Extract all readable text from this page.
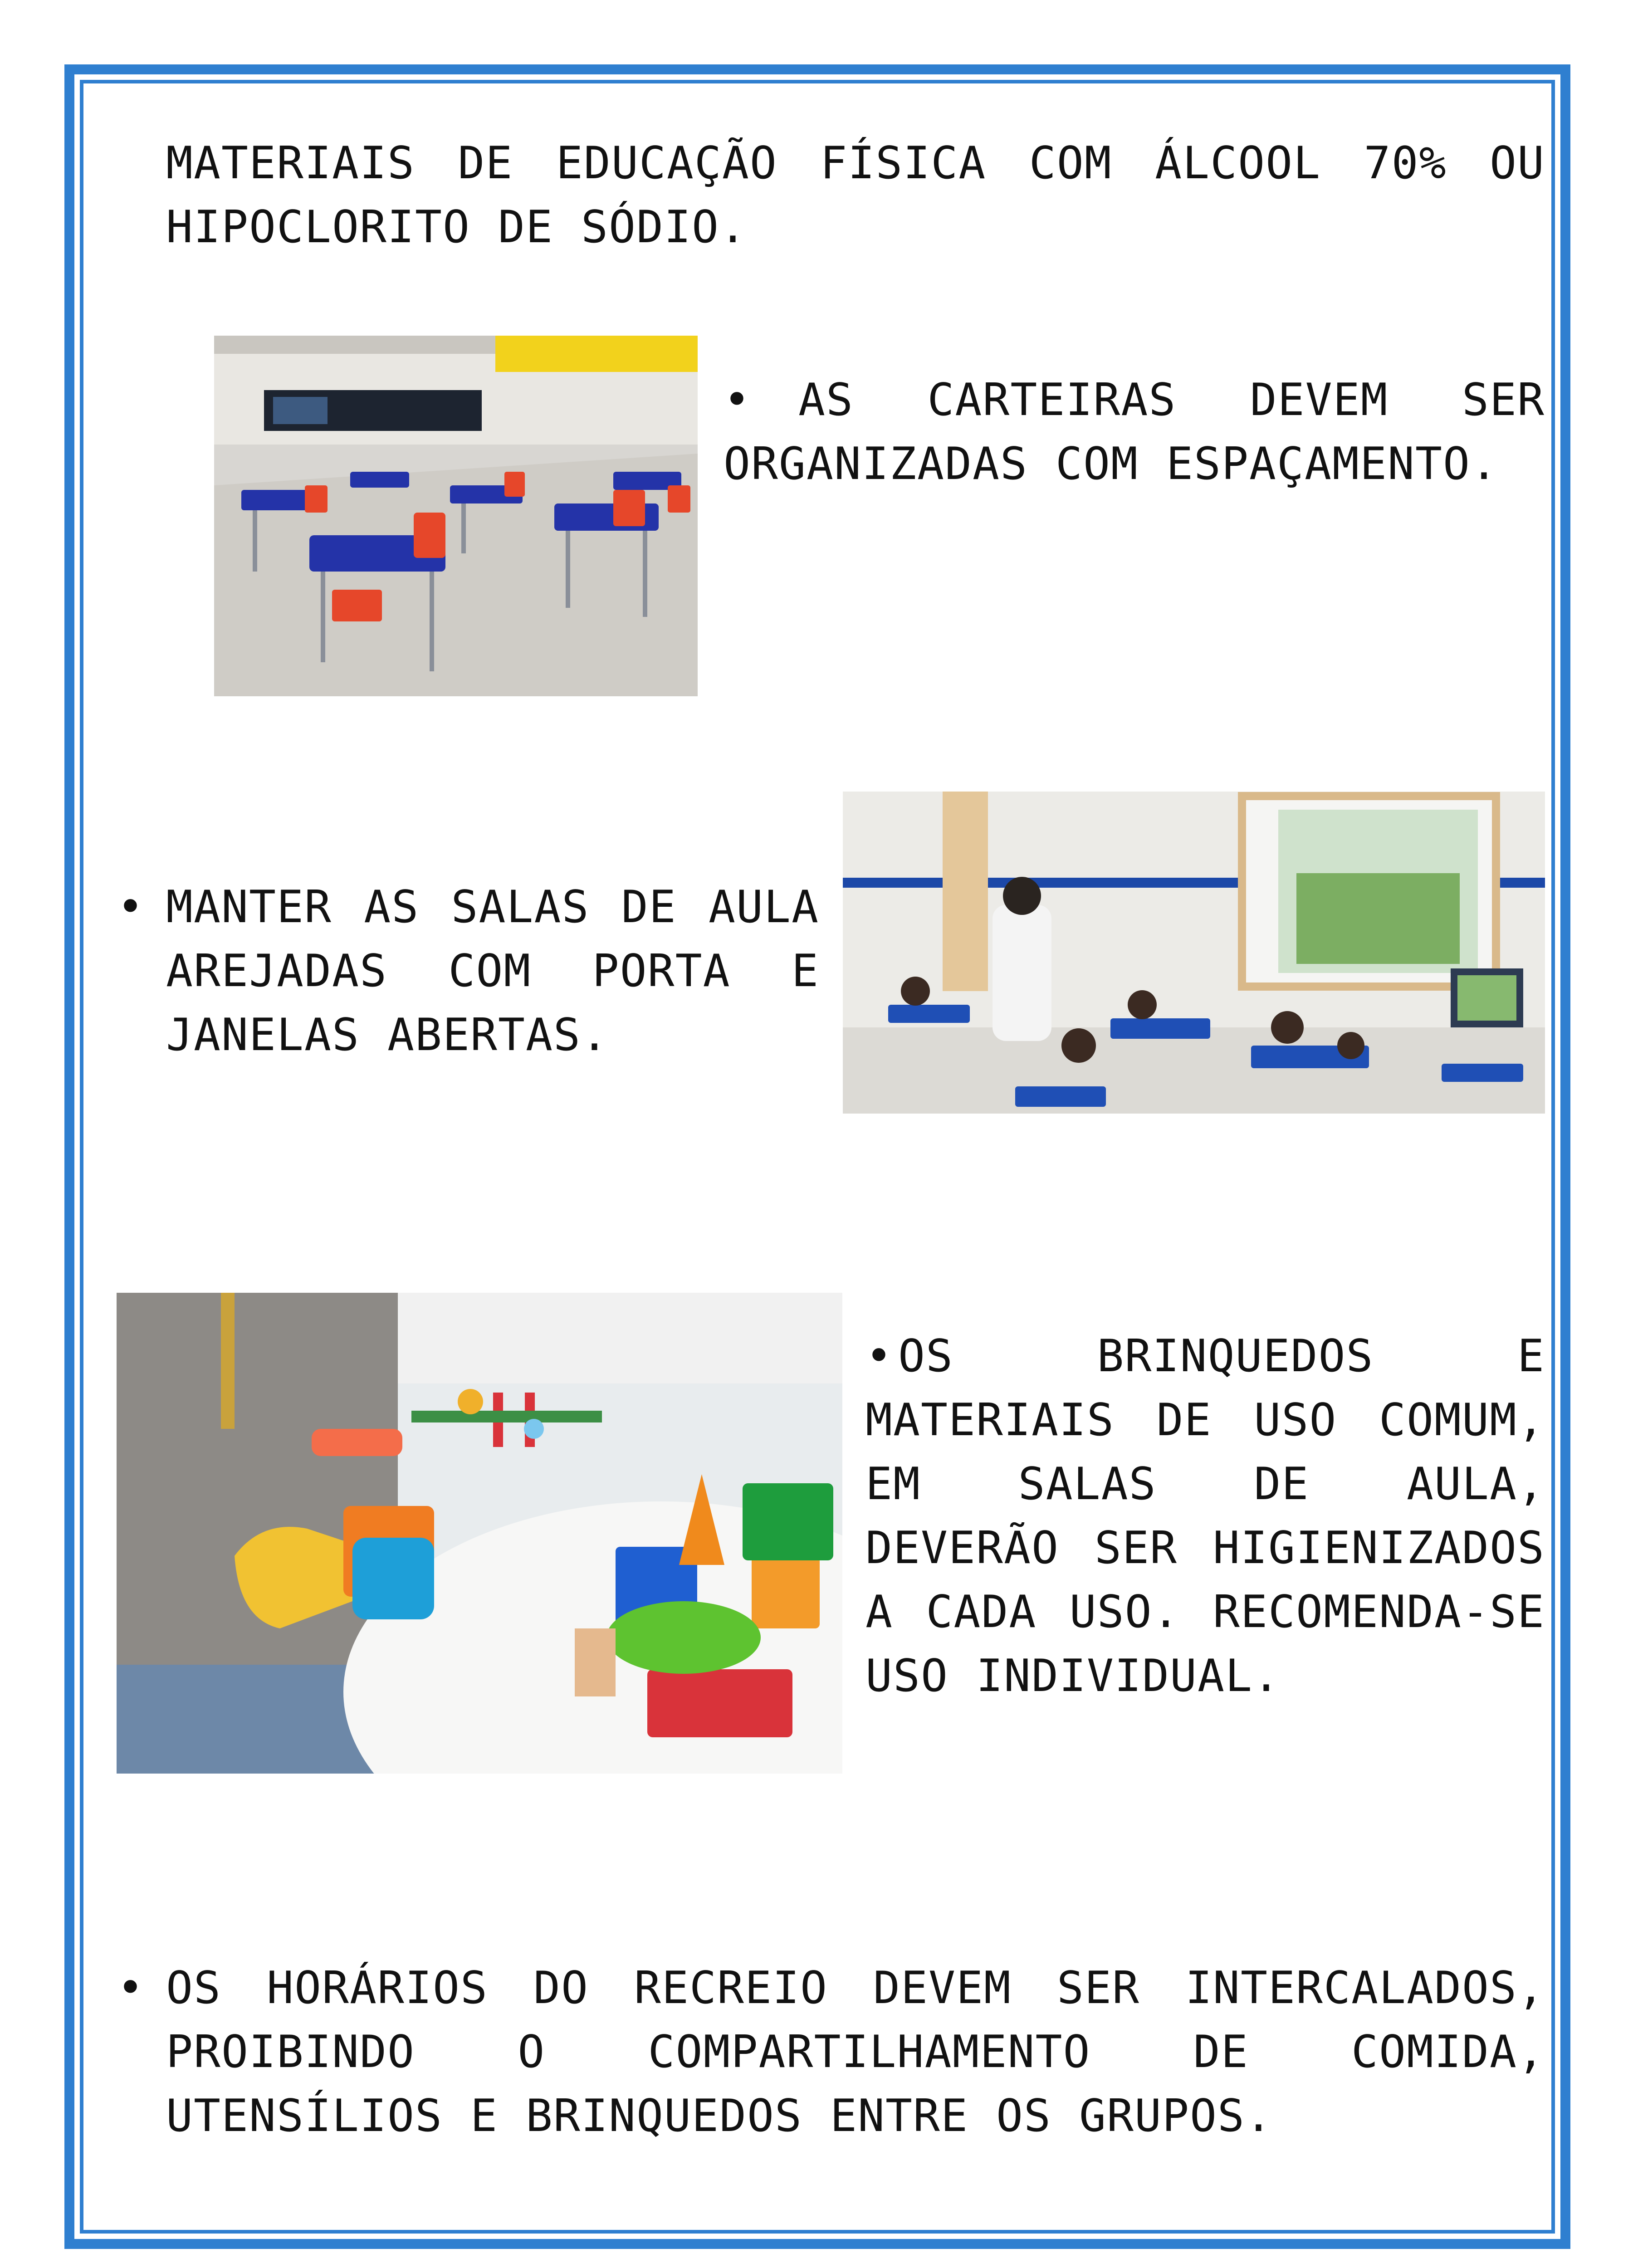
MATERIAIS DE EDUCAÇÃO FÍSICA COM ÁLCOOL 70% OU HIPOCLORITO DE SÓDIO.

•	AS CARTEIRAS DEVEM SER ORGANIZADAS COM ESPAÇAMENTO.

• MANTER AS SALAS DE AULA AREJADAS COM PORTA E JANELAS ABERTAS.

• OS BRINQUEDOS E MATERIAIS DE USO COMUM, EM SALAS DE AULA, DEVERÃO SER HIGIENIZADOS A CADA USO. RECOMENDA-SE USO INDIVIDUAL.

• OS HORÁRIOS DO RECREIO DEVEM SER INTERCALADOS, PROIBINDO O COMPARTILHAMENTO DE COMIDA, UTENSÍLIOS E BRINQUEDOS ENTRE OS GRUPOS.
